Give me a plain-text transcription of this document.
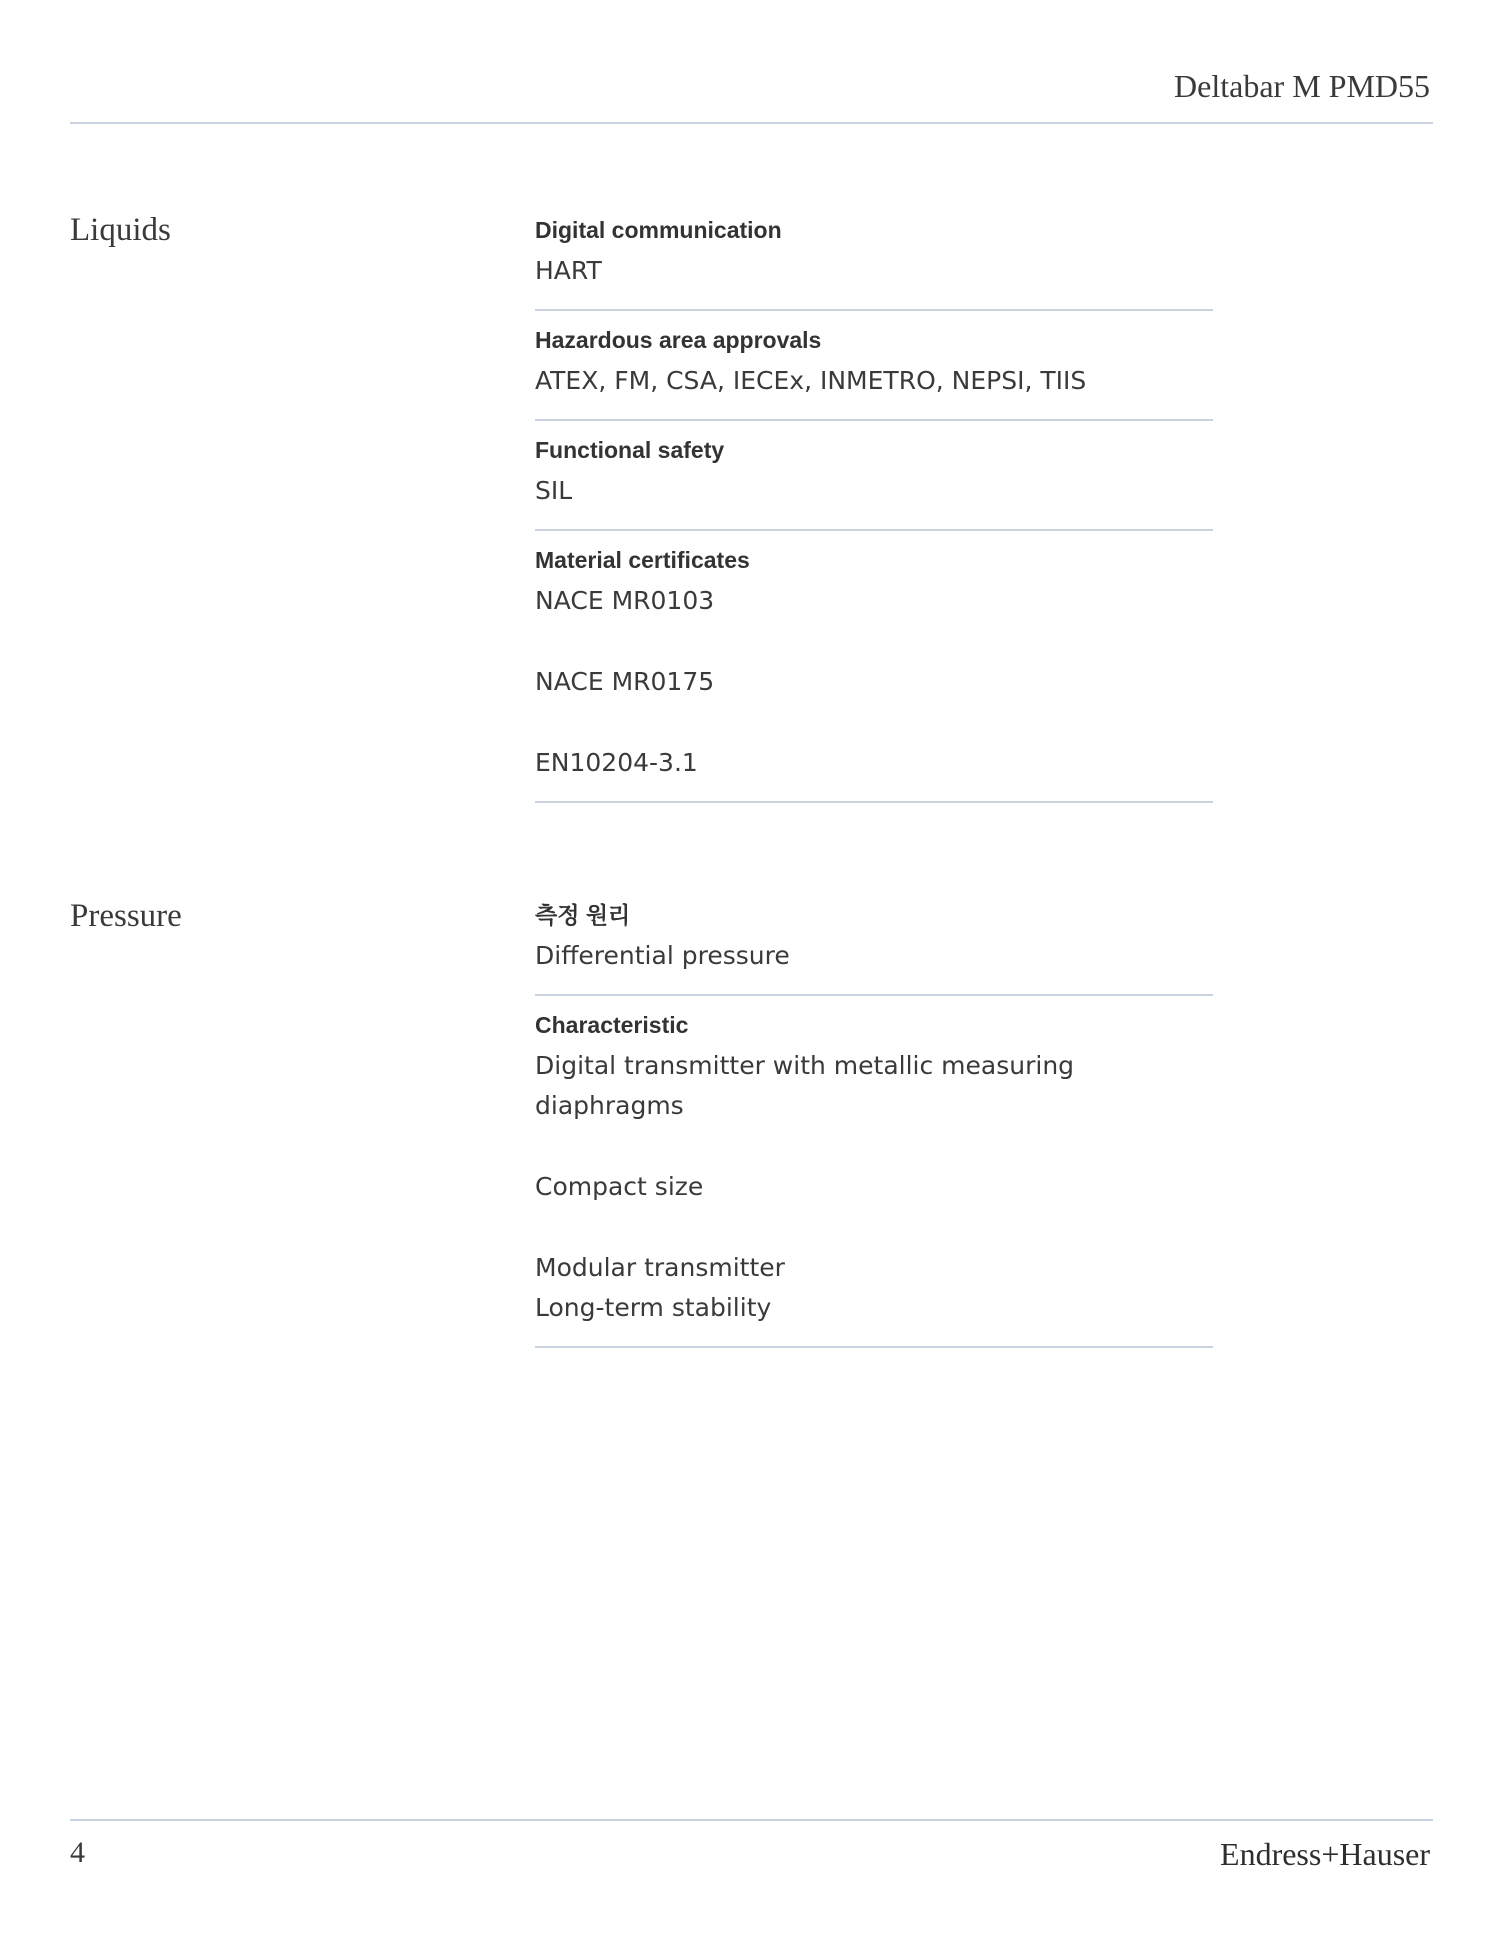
Deltabar M PMD55
Liquids	Digital communication
HART
Hazardous area approvals
ATEX, FM, CSA, IECEx, INMETRO, NEPSI, TIIS
Functional safety
SIL
Material certificates
NACE MR0103
NACE MR0175
EN10204-3.1
Pressure	측정 원리
Differential pressure
Characteristic
Digital transmitter with metallic measuring diaphragms
Compact size
Modular transmitter
Long-term stability
4	Endress+Hauser
